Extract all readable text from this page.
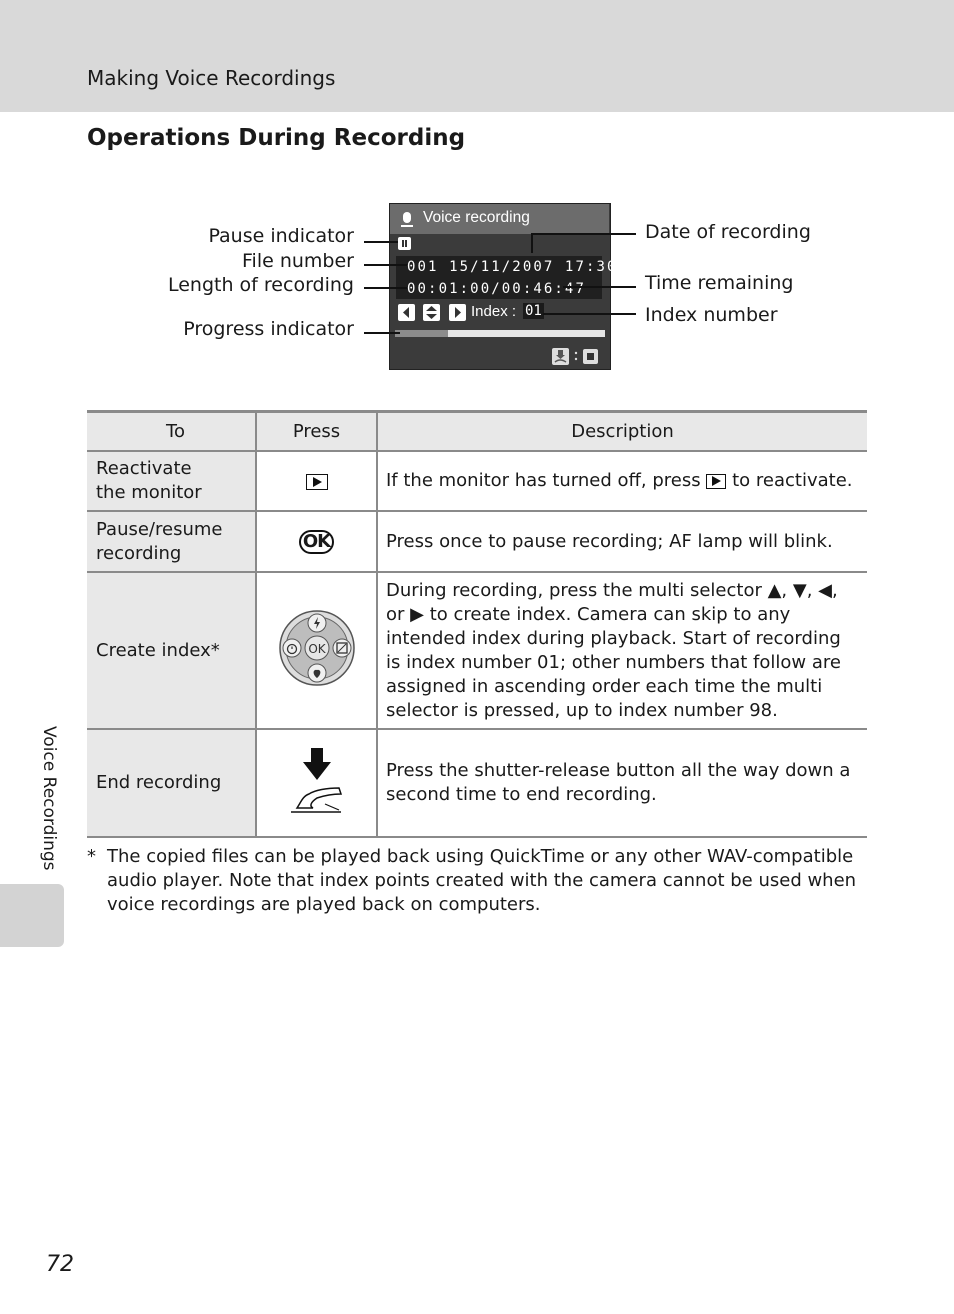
Making Voice Recordings
Operations During Recording
Voice recording
001 15/11/2007 17:30
00:01:00/00:46:47
Index : 01
Pause indicator
File number
Length of recording
Progress indicator
Date of recording
Time remaining
Index number
To	Press	Description

Reactivate the monitor		If the monitor has turned off, press to reactivate.

Pause/resume recording	OK	Press once to pause recording; AF lamp will blink.

Create index*	OK	During recording, press the multi selector ▲, ▼, ◀, or ▶ to create index. Camera can skip to any intended index during playback. Start of recording is index number 01; other numbers that follow are assigned in ascending order each time the multi selector is pressed, up to index number 98.

End recording		Press the shutter-release button all the way down a second time to end recording.
* The copied files can be played back using QuickTime or any other WAV-compatible audio player. Note that index points created with the camera cannot be used when voice recordings are played back on computers.
Voice Recordings
72
